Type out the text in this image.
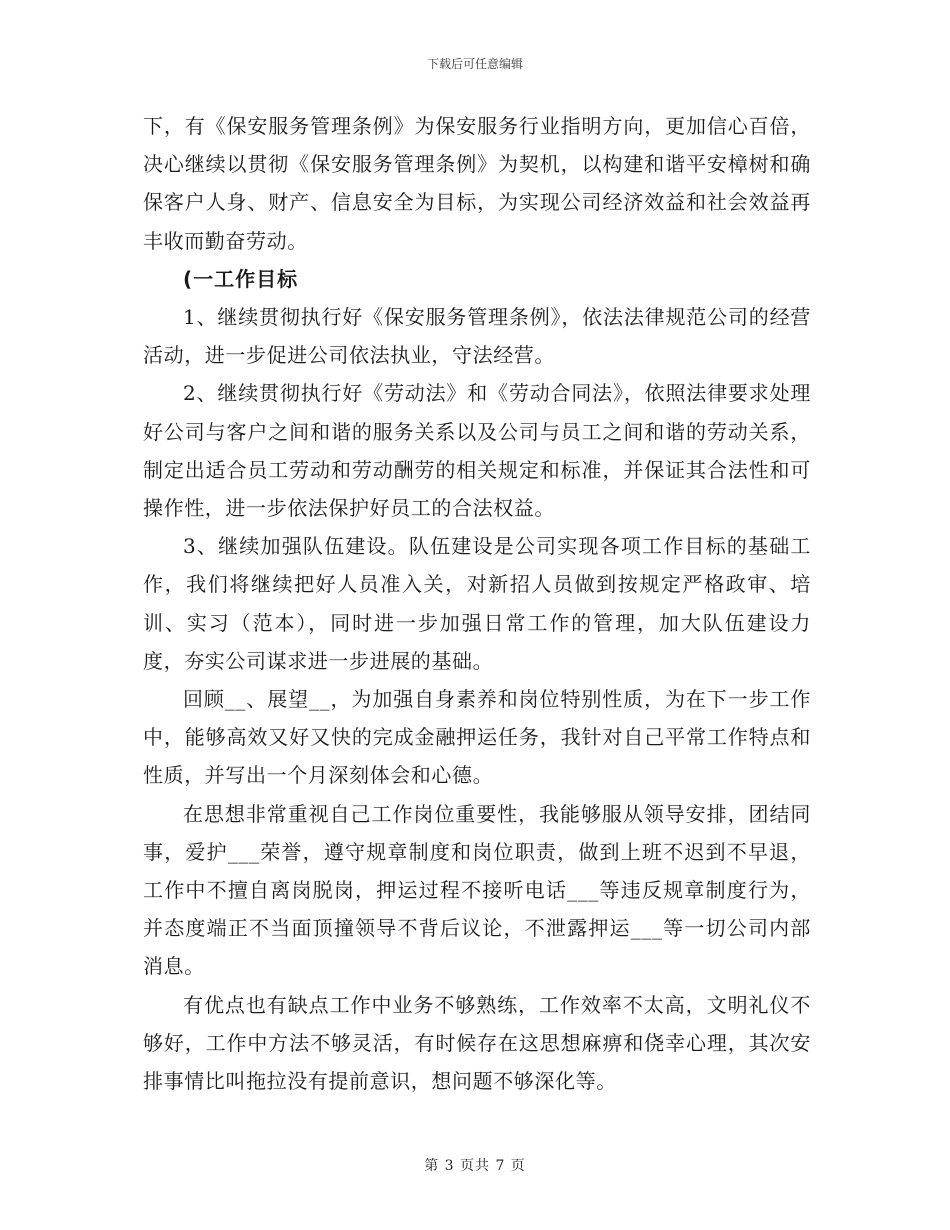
下载后可任意编辑

下，有《保安服务管理条例》为保安服务行业指明方向，更加信心百倍，决心继续以贯彻《保安服务管理条例》为契机，以构建和谐平安樟树和确保客户人身、财产、信息安全为目标，为实现公司经济效益和社会效益再丰收而勤奋劳动。

(一工作目标

1、继续贯彻执行好《保安服务管理条例》，依法法律规范公司的经营活动，进一步促进公司依法执业，守法经营。

2、继续贯彻执行好《劳动法》和《劳动合同法》，依照法律要求处理好公司与客户之间和谐的服务关系以及公司与员工之间和谐的劳动关系，制定出适合员工劳动和劳动酬劳的相关规定和标准，并保证其合法性和可操作性，进一步依法保护好员工的合法权益。

3、继续加强队伍建设。队伍建设是公司实现各项工作目标的基础工作，我们将继续把好人员准入关，对新招人员做到按规定严格政审、培训、实习（范本），同时进一步加强日常工作的管理，加大队伍建设力度，夯实公司谋求进一步进展的基础。

回顾__、展望__，为加强自身素养和岗位特别性质，为在下一步工作中，能够高效又好又快的完成金融押运任务，我针对自己平常工作特点和性质，并写出一个月深刻体会和心德。

在思想非常重视自己工作岗位重要性，我能够服从领导安排，团结同事，爱护___荣誉，遵守规章制度和岗位职责，做到上班不迟到不早退，工作中不擅自离岗脱岗，押运过程不接听电话___等违反规章制度行为，并态度端正不当面顶撞领导不背后议论，不泄露押运___等一切公司内部消息。

有优点也有缺点工作中业务不够熟练，工作效率不太高，文明礼仪不够好，工作中方法不够灵活，有时候存在这思想麻痹和侥幸心理，其次安排事情比叫拖拉没有提前意识，想问题不够深化等。

第 3 页共 7 页
